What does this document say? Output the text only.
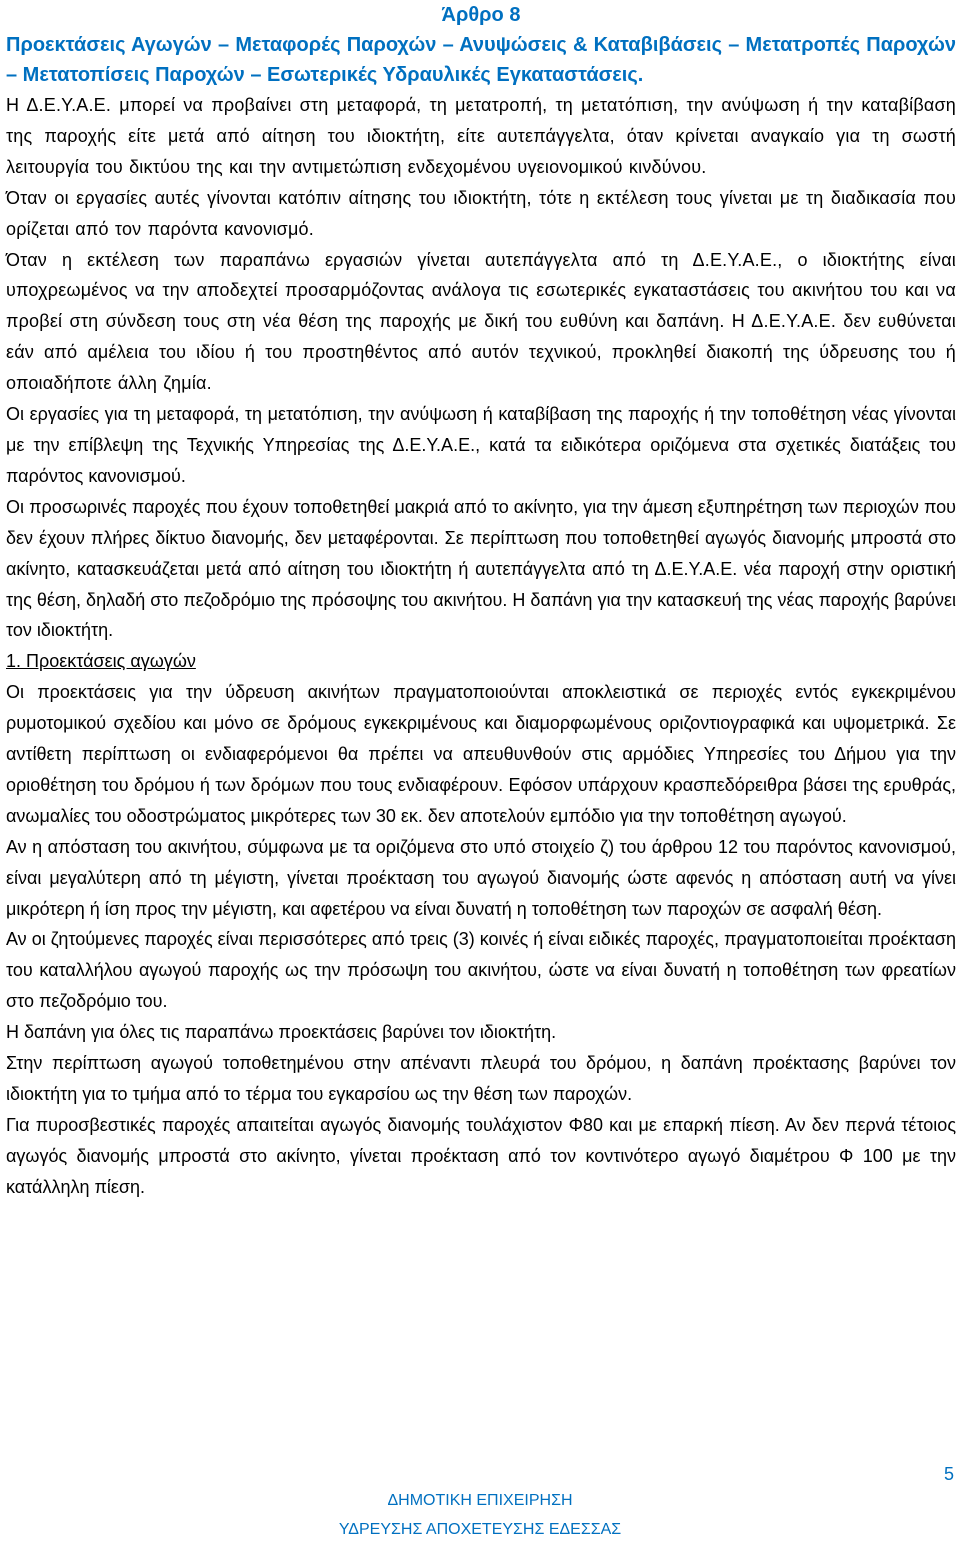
Άρθρο 8
Προεκτάσεις Αγωγών – Μεταφορές Παροχών – Ανυψώσεις & Καταβιβάσεις – Μετατροπές Παροχών – Μετατοπίσεις Παροχών – Εσωτερικές Υδραυλικές Εγκαταστάσεις.

Η Δ.Ε.Υ.Α.Ε. μπορεί να προβαίνει στη μεταφορά, τη μετατροπή, τη μετατόπιση, την ανύψωση ή την καταβίβαση της παροχής είτε μετά από αίτηση του ιδιοκτήτη, είτε αυτεπάγγελτα, όταν κρίνεται αναγκαίο για τη σωστή λειτουργία του δικτύου της και την αντιμετώπιση ενδεχομένου υγειονομικού κινδύνου.

Όταν οι εργασίες αυτές γίνονται κατόπιν αίτησης του ιδιοκτήτη, τότε η εκτέλεση τους γίνεται με τη διαδικασία που ορίζεται από τον παρόντα κανονισμό.

Όταν η εκτέλεση των παραπάνω εργασιών γίνεται αυτεπάγγελτα από τη Δ.Ε.Υ.Α.Ε., ο ιδιοκτήτης είναι υποχρεωμένος να την αποδεχτεί προσαρμόζοντας ανάλογα τις εσωτερικές εγκαταστάσεις του ακινήτου του και να προβεί στη σύνδεση τους στη νέα θέση της παροχής με δική του ευθύνη και δαπάνη. Η Δ.Ε.Υ.Α.Ε. δεν ευθύνεται εάν από αμέλεια του ιδίου ή του προστηθέντος από αυτόν τεχνικού, προκληθεί διακοπή της ύδρευσης του ή οποιαδήποτε άλλη ζημία.

Οι εργασίες για τη μεταφορά, τη μετατόπιση, την ανύψωση ή καταβίβαση της παροχής ή την τοποθέτηση νέας γίνονται με την επίβλεψη της Τεχνικής Υπηρεσίας της Δ.Ε.Υ.Α.Ε., κατά τα ειδικότερα οριζόμενα στα σχετικές διατάξεις του παρόντος κανονισμού.

Οι προσωρινές παροχές που έχουν τοποθετηθεί μακριά από το ακίνητο, για την άμεση εξυπηρέτηση των περιοχών που δεν έχουν πλήρες δίκτυο διανομής, δεν μεταφέρονται. Σε περίπτωση που τοποθετηθεί αγωγός διανομής μπροστά στο ακίνητο, κατασκευάζεται μετά από αίτηση του ιδιοκτήτη ή αυτεπάγγελτα από τη Δ.Ε.Υ.Α.Ε. νέα παροχή στην οριστική της θέση, δηλαδή στο πεζοδρόμιο της πρόσοψης του ακινήτου. Η δαπάνη για την κατασκευή της νέας παροχής βαρύνει τον ιδιοκτήτη.

1. Προεκτάσεις αγωγών

Οι προεκτάσεις για την ύδρευση ακινήτων πραγματοποιούνται αποκλειστικά σε περιοχές εντός εγκεκριμένου ρυμοτομικού σχεδίου και μόνο σε δρόμους εγκεκριμένους και διαμορφωμένους οριζοντιογραφικά και υψομετρικά. Σε αντίθετη περίπτωση οι ενδιαφερόμενοι θα πρέπει να απευθυνθούν στις αρμόδιες Υπηρεσίες του Δήμου για την οριοθέτηση του δρόμου ή των δρόμων που τους ενδιαφέρουν. Εφόσον υπάρχουν κρασπεδόρειθρα βάσει της ερυθράς, ανωμαλίες του οδοστρώματος μικρότερες των 30 εκ. δεν αποτελούν εμπόδιο για την τοποθέτηση αγωγού.

Αν η απόσταση του ακινήτου, σύμφωνα με τα οριζόμενα στο υπό στοιχείο ζ) του άρθρου 12 του παρόντος κανονισμού, είναι μεγαλύτερη από τη μέγιστη, γίνεται προέκταση του αγωγού διανομής ώστε αφενός η απόσταση αυτή να γίνει μικρότερη ή ίση προς την μέγιστη, και αφετέρου να είναι δυνατή η τοποθέτηση των παροχών σε ασφαλή θέση.

Αν οι ζητούμενες παροχές είναι περισσότερες από τρεις (3) κοινές ή είναι ειδικές παροχές, πραγματοποιείται προέκταση του καταλλήλου αγωγού παροχής ως την πρόσωψη του ακινήτου, ώστε να είναι δυνατή η τοποθέτηση των φρεατίων στο πεζοδρόμιο του.

Η δαπάνη για όλες τις παραπάνω προεκτάσεις βαρύνει τον ιδιοκτήτη.

Στην περίπτωση αγωγού τοποθετημένου στην απέναντι πλευρά του δρόμου, η δαπάνη προέκτασης βαρύνει τον ιδιοκτήτη για το τμήμα από το τέρμα του εγκαρσίου ως την θέση των παροχών.

Για πυροσβεστικές παροχές απαιτείται αγωγός διανομής τουλάχιστον Φ80 και με επαρκή πίεση. Αν δεν περνά τέτοιος αγωγός διανομής μπροστά στο ακίνητο, γίνεται προέκταση από τον κοντινότερο αγωγό διαμέτρου Φ 100 με την κατάλληλη πίεση.

5
ΔΗΜΟΤΙΚΗ ΕΠΙΧΕΙΡΗΣΗ
ΥΔΡΕΥΣΗΣ ΑΠΟΧΕΤΕΥΣΗΣ ΕΔΕΣΣΑΣ
